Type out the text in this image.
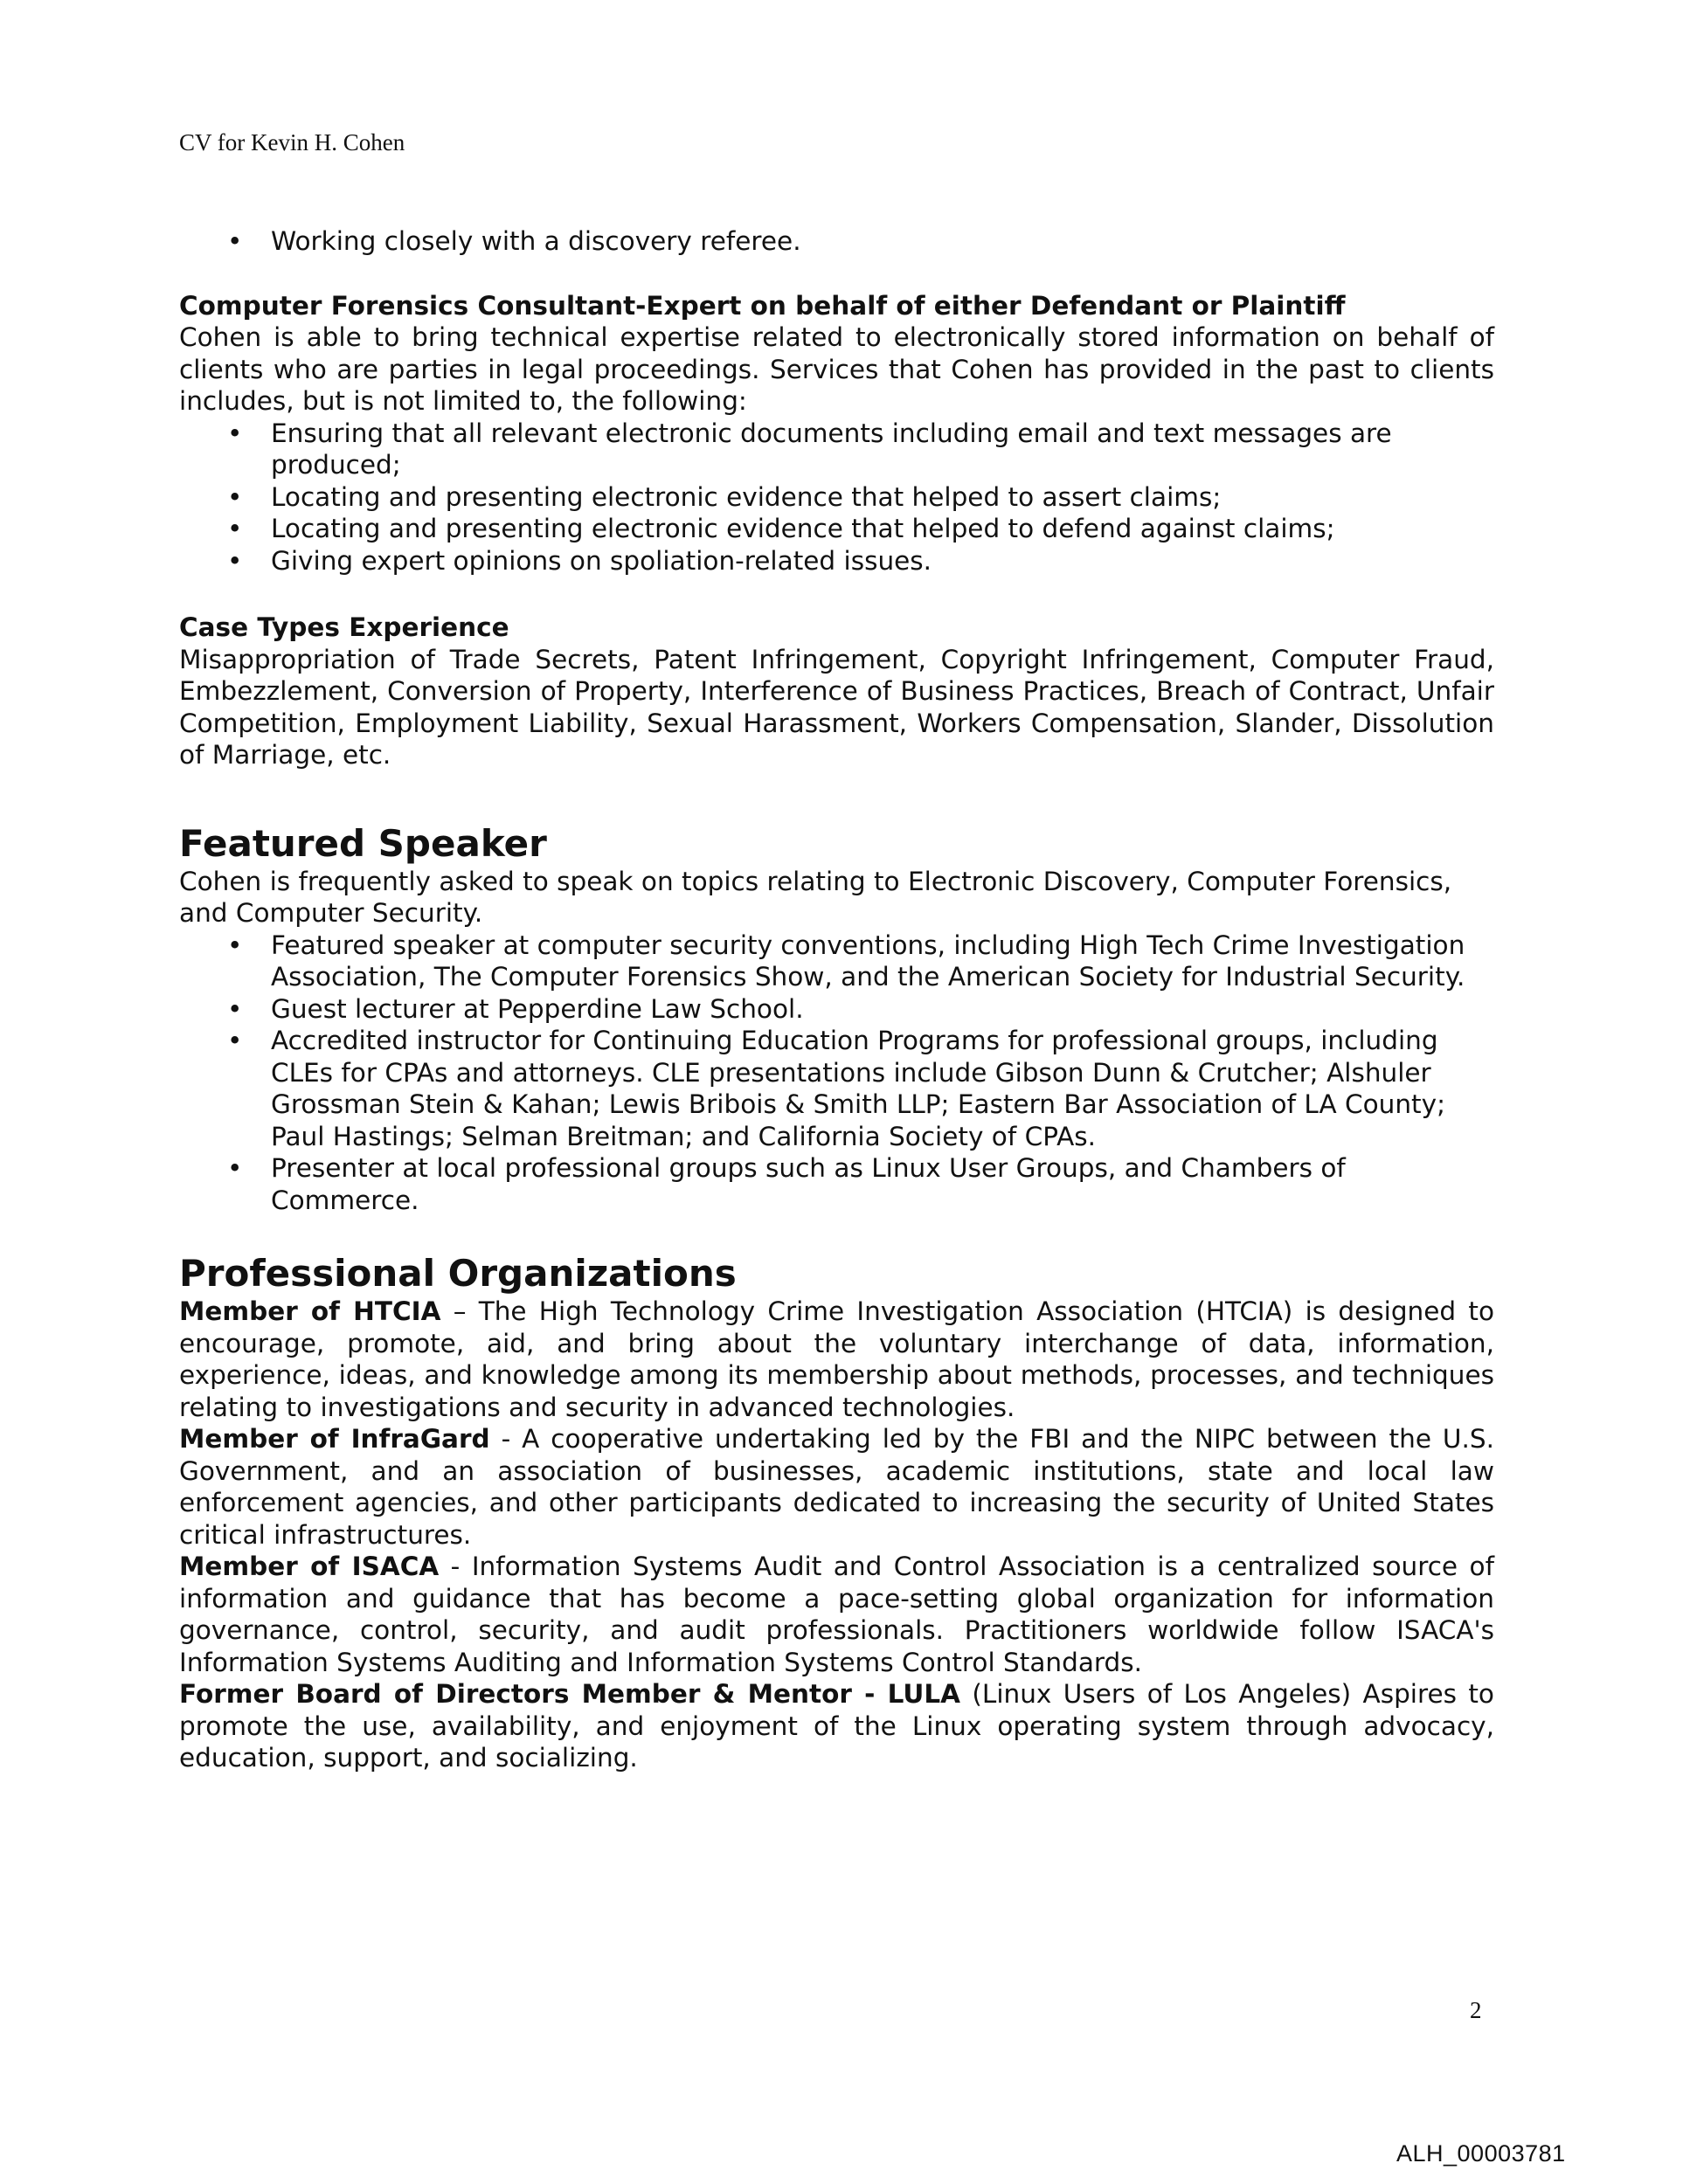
CV for Kevin H. Cohen
• Working closely with a discovery referee.

Computer Forensics Consultant-Expert on behalf of either Defendant or Plaintiff

Cohen is able to bring technical expertise related to electronically stored information on behalf of clients who are parties in legal proceedings. Services that Cohen has provided in the past to clients includes, but is not limited to, the following:

• Ensuring that all relevant electronic documents including email and text messages are produced;
• Locating and presenting electronic evidence that helped to assert claims;
• Locating and presenting electronic evidence that helped to defend against claims;
• Giving expert opinions on spoliation-related issues.

Case Types Experience

Misappropriation of Trade Secrets, Patent Infringement, Copyright Infringement, Computer Fraud, Embezzlement, Conversion of Property, Interference of Business Practices, Breach of Contract, Unfair Competition, Employment Liability, Sexual Harassment, Workers Compensation, Slander, Dissolution of Marriage, etc.

Featured Speaker

Cohen is frequently asked to speak on topics relating to Electronic Discovery, Computer Forensics, and Computer Security.

• Featured speaker at computer security conventions, including High Tech Crime Investigation Association, The Computer Forensics Show, and the American Society for Industrial Security.
• Guest lecturer at Pepperdine Law School.
• Accredited instructor for Continuing Education Programs for professional groups, including CLEs for CPAs and attorneys. CLE presentations include Gibson Dunn & Crutcher; Alshuler Grossman Stein & Kahan; Lewis Bribois & Smith LLP; Eastern Bar Association of LA County; Paul Hastings; Selman Breitman; and California Society of CPAs.
• Presenter at local professional groups such as Linux User Groups, and Chambers of Commerce.
Professional Organizations

Member of HTCIA – The High Technology Crime Investigation Association (HTCIA) is designed to encourage, promote, aid, and bring about the voluntary interchange of data, information, experience, ideas, and knowledge among its membership about methods, processes, and techniques relating to investigations and security in advanced technologies.

Member of InfraGard - A cooperative undertaking led by the FBI and the NIPC between the U.S. Government, and an association of businesses, academic institutions, state and local law enforcement agencies, and other participants dedicated to increasing the security of United States critical infrastructures.

Member of ISACA - Information Systems Audit and Control Association is a centralized source of information and guidance that has become a pace-setting global organization for information governance, control, security, and audit professionals. Practitioners worldwide follow ISACA's Information Systems Auditing and Information Systems Control Standards.

Former Board of Directors Member & Mentor - LULA (Linux Users of Los Angeles) Aspires to promote the use, availability, and enjoyment of the Linux operating system through advocacy, education, support, and socializing.

2
ALH_00003781
